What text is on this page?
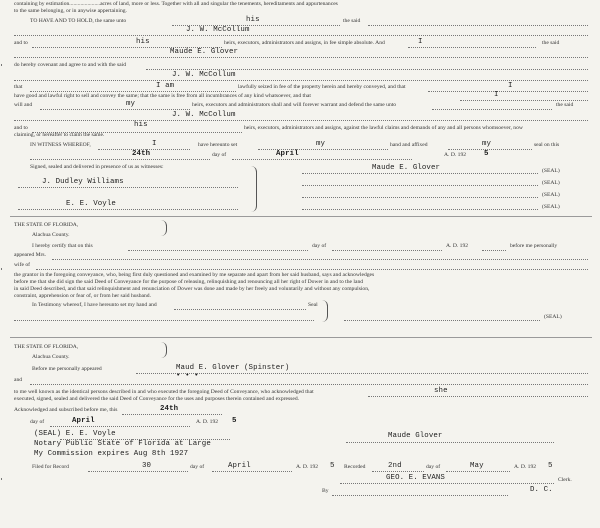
containing by estimation......................acres of land, more or less. Together with all and singular the tenements, hereditaments and appurtenances
to the same belonging, or in anywise appertaining.
TO HAVE AND TO HOLD, the same unto	his	the said
J. W. McCollum
and to	his	heirs, executors, administrators and assigns, in fee simple absolute. And	I	the said
Maude E. Glover
do hereby covenant and agree to and with the said
J. W. McCollum
that	I am	lawfully seized in fee of the property herein and hereby conveyed, and that	I
have good and lawful right to sell and convey the same; that the same is free from all incumbrances of any kind whatsoever, and that	I
will and	my	heirs, executors and administrators shall and will forever warrant and defend the same unto	the said
J. W. McCollum
and to	his	heirs, executors, administrators and assigns, against the lawful claims and demands of any and all persons whomsoever, now
claiming, or hereafter to claim the same.
IN WITNESS WHEREOF,	I	have hereunto set	my	hand and affixed	my	seal on this
24th	day of	April	A. D. 192 5
Signed, sealed and delivered in presence of us as witnesses:
J. Dudley Williams
E. E. Voyle
Maude E. Glover	(SEAL)
(SEAL)
(SEAL)
(SEAL)
THE STATE OF FLORIDA,
Alachua County.
I hereby certify that on this	day of	A. D. 192	before me personally
appeared Mrs.
wife of
the grantor in the foregoing conveyance, who, being first duly questioned and examined by me separate and apart from her said husband, says and acknowledges
before me that she did sign the said Deed of Conveyance for the purpose of releasing, relinquishing and renouncing all her right of Dower in and to the land
in said Deed described, and that said relinquishment and renunciation of Dower was done and made by her freely and voluntarily and without any compulsion,
constraint, apprehension or fear of, or from her said husband.
In Testimony whereof, I have hereunto set my hand and	Seal
(SEAL)
THE STATE OF FLORIDA,
Alachua County.
Before me personally appeared	Maud E. Glover (Spinster)
and	• • •
to me well known as the identical persons described in and who executed the foregoing Deed of Conveyance, who acknowledged that	she
executed, signed, sealed and delivered the said Deed of Conveyance for the uses and purposes therein contained and expressed.
Acknowledged and subscribed before me, this	24th
day of	April	A. D. 192 5
(SEAL) E. E. Voyle
Notary Public State of Florida at Large
My Commission expires Aug 8th 1927
Maude Glover
Filed for Record	30	day of	April	A. D. 192 5 Recorded	2nd	day of	May	A. D. 192 5
GEO. E. EVANS	Clerk.
By	D. C.
